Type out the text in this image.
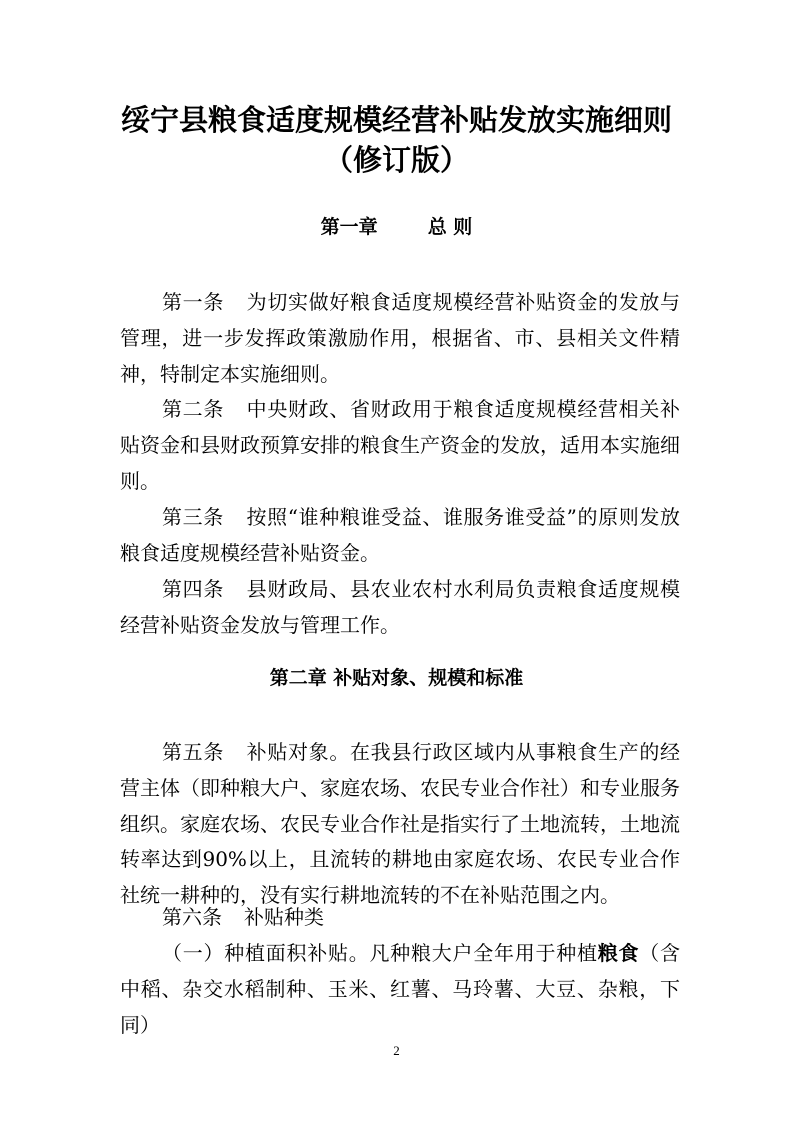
绥宁县粮食适度规模经营补贴发放实施细则
（修订版）
第一章	总 则

第一条 为切实做好粮食适度规模经营补贴资金的发放与管理，进一步发挥政策激励作用，根据省、市、县相关文件精神，特制定本实施细则。

第二条 中央财政、省财政用于粮食适度规模经营相关补贴资金和县财政预算安排的粮食生产资金的发放，适用本实施细则。

第三条 按照“谁种粮谁受益、谁服务谁受益”的原则发放粮食适度规模经营补贴资金。

第四条 县财政局、县农业农村水利局负责粮食适度规模经营补贴资金发放与管理工作。

第二章 补贴对象、规模和标准

第五条 补贴对象。在我县行政区域内从事粮食生产的经营主体（即种粮大户、家庭农场、农民专业合作社）和专业服务组织。家庭农场、农民专业合作社是指实行了土地流转，土地流转率达到90%以上，且流转的耕地由家庭农场、农民专业合作社统一耕种的，没有实行耕地流转的不在补贴范围之内。

第六条 补贴种类

（一）种植面积补贴。凡种粮大户全年用于种植粮食（含中稻、杂交水稻制种、玉米、红薯、马玲薯、大豆、杂粮，下同）

2
